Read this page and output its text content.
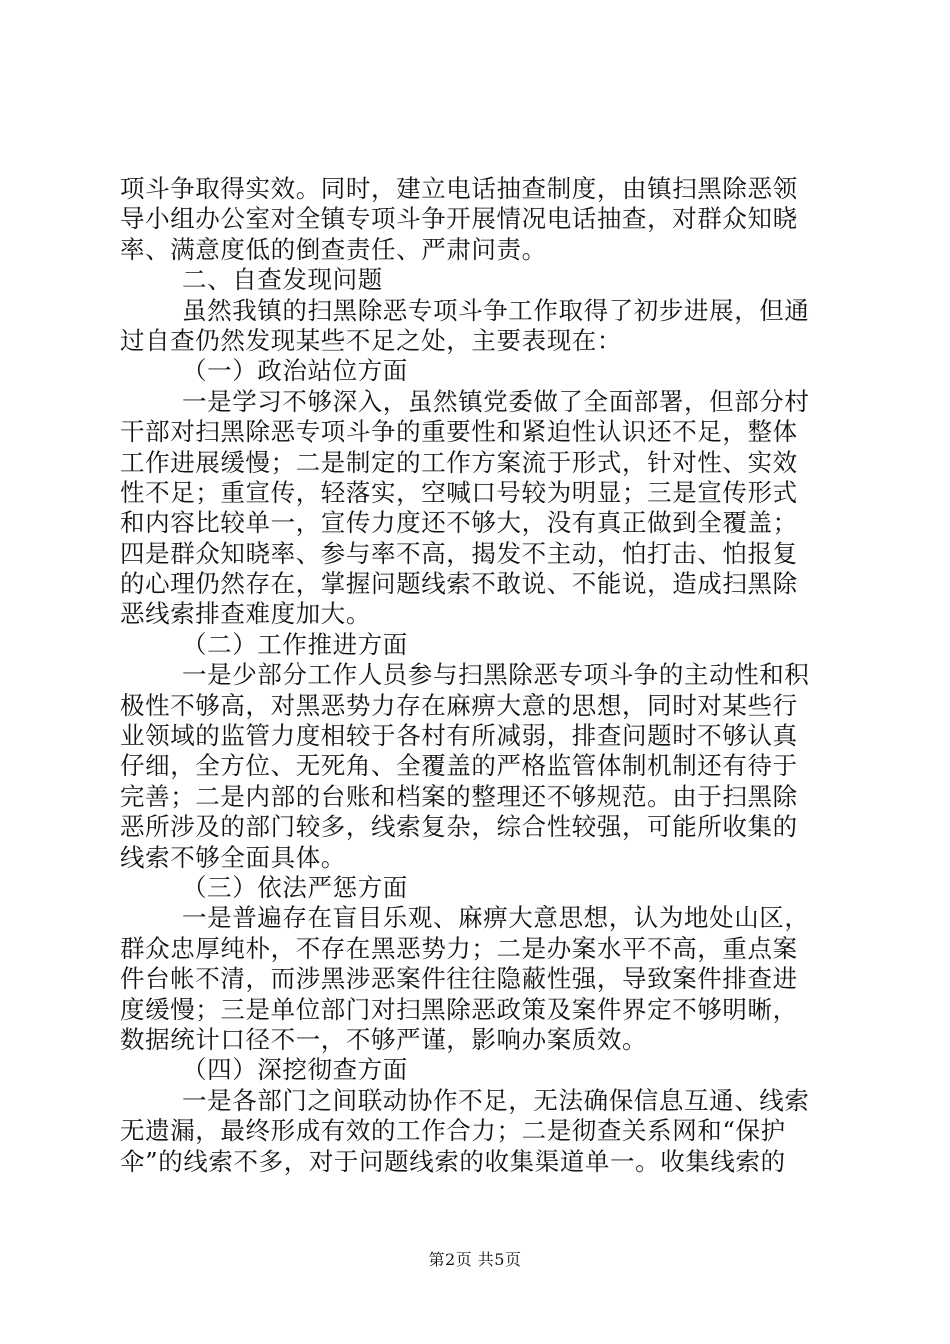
项斗争取得实效。同时，建立电话抽查制度，由镇扫黑除恶领
导小组办公室对全镇专项斗争开展情况电话抽查，对群众知晓
率、满意度低的倒查责任、严肃问责。
二、自查发现问题
虽然我镇的扫黑除恶专项斗争工作取得了初步进展，但通
过自查仍然发现某些不足之处，主要表现在：
（一）政治站位方面
一是学习不够深入，虽然镇党委做了全面部署，但部分村
干部对扫黑除恶专项斗争的重要性和紧迫性认识还不足，整体
工作进展缓慢；二是制定的工作方案流于形式，针对性、实效
性不足；重宣传，轻落实，空喊口号较为明显；三是宣传形式
和内容比较单一，宣传力度还不够大，没有真正做到全覆盖；
四是群众知晓率、参与率不高，揭发不主动，怕打击、怕报复
的心理仍然存在，掌握问题线索不敢说、不能说，造成扫黑除
恶线索排查难度加大。
（二）工作推进方面
一是少部分工作人员参与扫黑除恶专项斗争的主动性和积
极性不够高，对黑恶势力存在麻痹大意的思想，同时对某些行
业领域的监管力度相较于各村有所减弱，排查问题时不够认真
仔细，全方位、无死角、全覆盖的严格监管体制机制还有待于
完善；二是内部的台账和档案的整理还不够规范。由于扫黑除
恶所涉及的部门较多，线索复杂，综合性较强，可能所收集的
线索不够全面具体。
（三）依法严惩方面
一是普遍存在盲目乐观、麻痹大意思想，认为地处山区，
群众忠厚纯朴，不存在黑恶势力；二是办案水平不高，重点案
件台帐不清，而涉黑涉恶案件往往隐蔽性强，导致案件排查进
度缓慢；三是单位部门对扫黑除恶政策及案件界定不够明晰，
数据统计口径不一，不够严谨，影响办案质效。
（四）深挖彻查方面
一是各部门之间联动协作不足，无法确保信息互通、线索
无遗漏，最终形成有效的工作合力；二是彻查关系网和“保护
伞”的线索不多，对于问题线索的收集渠道单一。收集线索的
第2页 共5页
